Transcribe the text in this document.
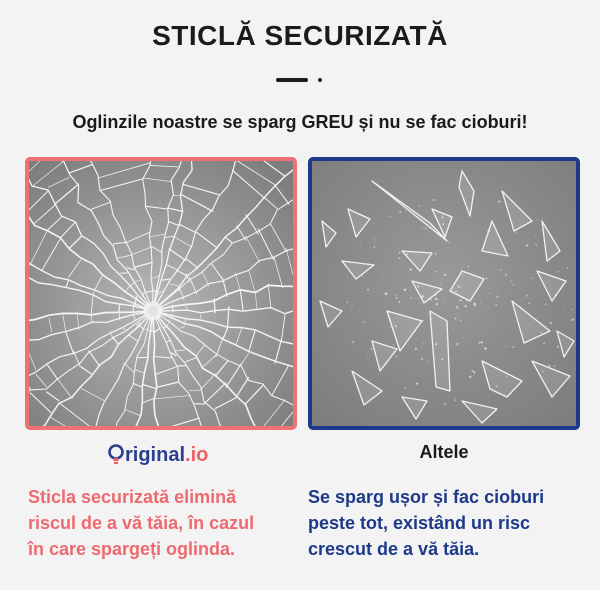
STICLĂ SECURIZATĂ
Oglinzile noastre se sparg GREU și nu se fac cioburi!
riginal .io	Altele
Sticla securizată elimină
riscul de a vă tăia, în cazul
în care spargeți oglinda.
Se sparg ușor și fac cioburi
peste tot, existând un risc
crescut de a vă tăia.
